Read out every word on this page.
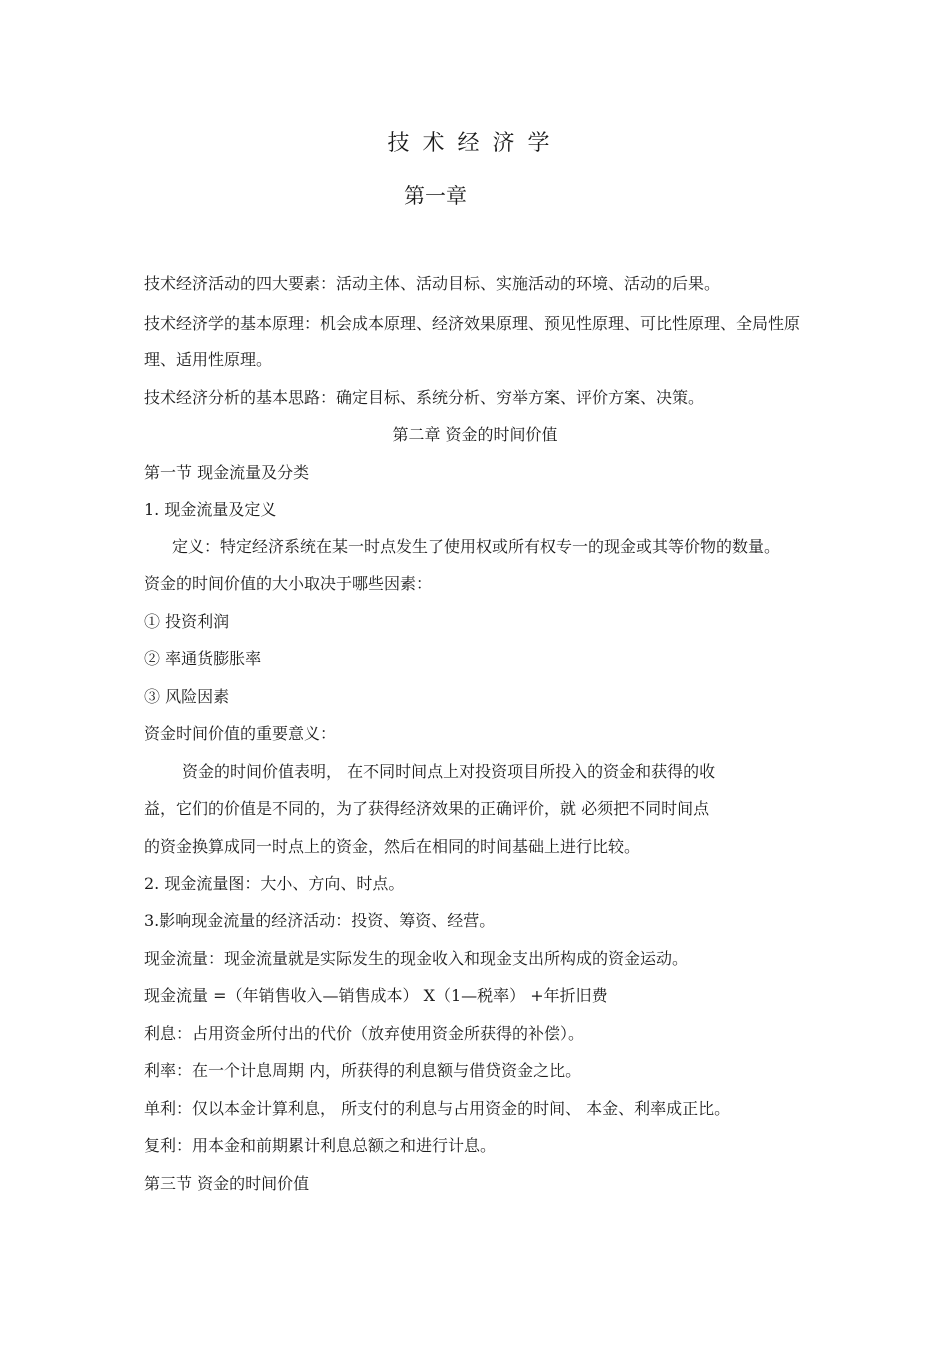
技术经济学
第一章
技术经济活动的四大要素：活动主体、活动目标、实施活动的环境、活动的后果。
技术经济学的基本原理：机会成本原理、经济效果原理、预见性原理、可比性原理、全局性原
理、适用性原理。
技术经济分析的基本思路：确定目标、系统分析、穷举方案、评价方案、决策。
第二章 资金的时间价值
第一节 现金流量及分类
1. 现金流量及定义
定义：特定经济系统在某一时点发生了使用权或所有权专一的现金或其等价物的数量。
资金的时间价值的大小取决于哪些因素：
① 投资利润
② 率通货膨胀率
③ 风险因素
资金时间价值的重要意义：
资金的时间价值表明， 在不同时间点上对投资项目所投入的资金和获得的收
益，它们的价值是不同的，为了获得经济效果的正确评价，就 必须把不同时间点
的资金换算成同一时点上的资金，然后在相同的时间基础上进行比较。
2. 现金流量图：大小、方向、时点。
3.影响现金流量的经济活动：投资、筹资、经营。
现金流量：现金流量就是实际发生的现金收入和现金支出所构成的资金运动。
现金流量 =（年销售收入—销售成本） X（1—税率） +年折旧费
利息：占用资金所付出的代价（放弃使用资金所获得的补偿）。
利率：在一个计息周期 内，所获得的利息额与借贷资金之比。
单利：仅以本金计算利息， 所支付的利息与占用资金的时间、 本金、利率成正比。
复利：用本金和前期累计利息总额之和进行计息。
第三节 资金的时间价值
